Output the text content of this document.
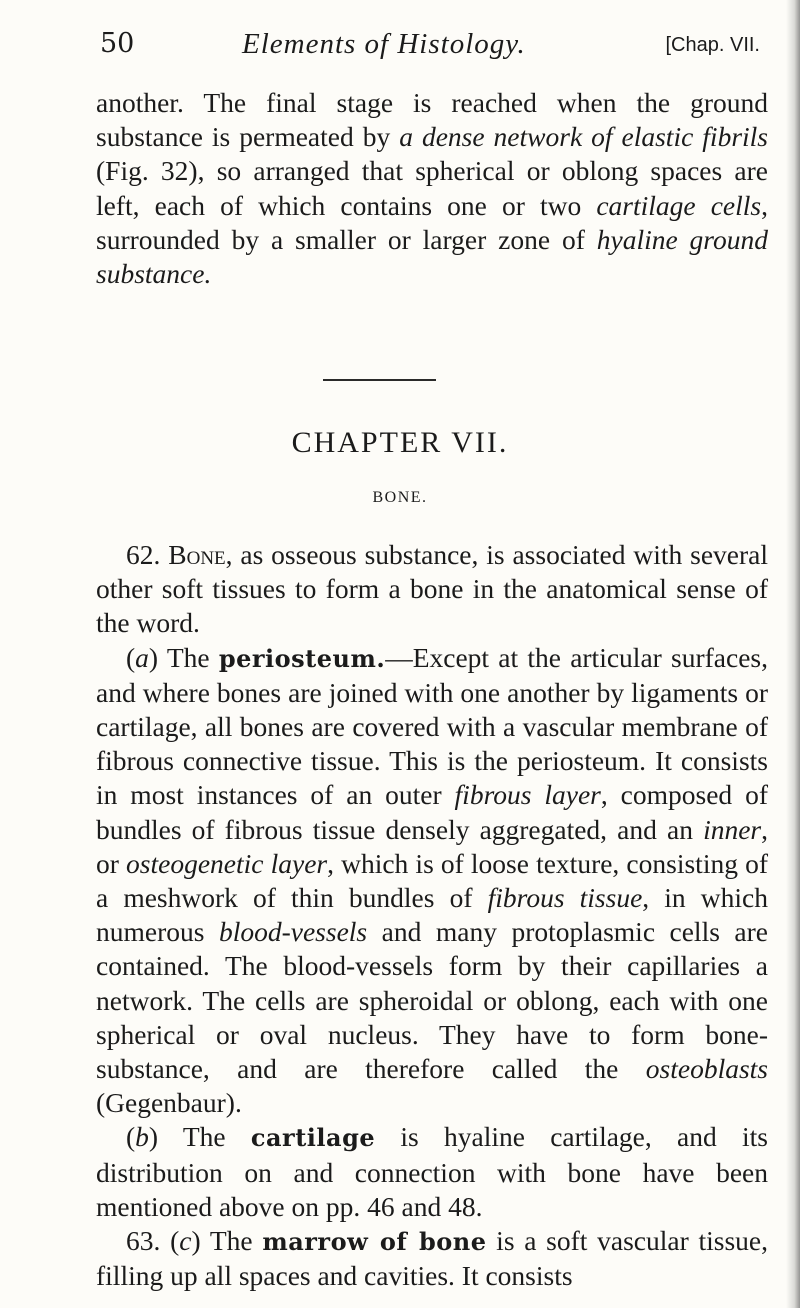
50	Elements of Histology.	[Chap. VII.

another. The final stage is reached when the ground substance is permeated by a dense network of elastic fibrils (Fig. 32), so arranged that spherical or oblong spaces are left, each of which contains one or two cartilage cells, surrounded by a smaller or larger zone of hyaline ground substance.

CHAPTER VII.
BONE.

62. Bone, as osseous substance, is associated with several other soft tissues to form a bone in the anatomical sense of the word.

(a) The periosteum.—Except at the articular surfaces, and where bones are joined with one another by ligaments or cartilage, all bones are covered with a vascular membrane of fibrous connective tissue. This is the periosteum. It consists in most instances of an outer fibrous layer, composed of bundles of fibrous tissue densely aggregated, and an inner, or osteogenetic layer, which is of loose texture, consisting of a meshwork of thin bundles of fibrous tissue, in which numerous blood-vessels and many protoplasmic cells are contained. The blood-vessels form by their capillaries a network. The cells are spheroidal or oblong, each with one spherical or oval nucleus. They have to form bone-substance, and are therefore called the osteoblasts (Gegenbaur).

(b) The cartilage is hyaline cartilage, and its distribution on and connection with bone have been mentioned above on pp. 46 and 48.

63. (c) The marrow of bone is a soft vascular tissue, filling up all spaces and cavities. It consists
